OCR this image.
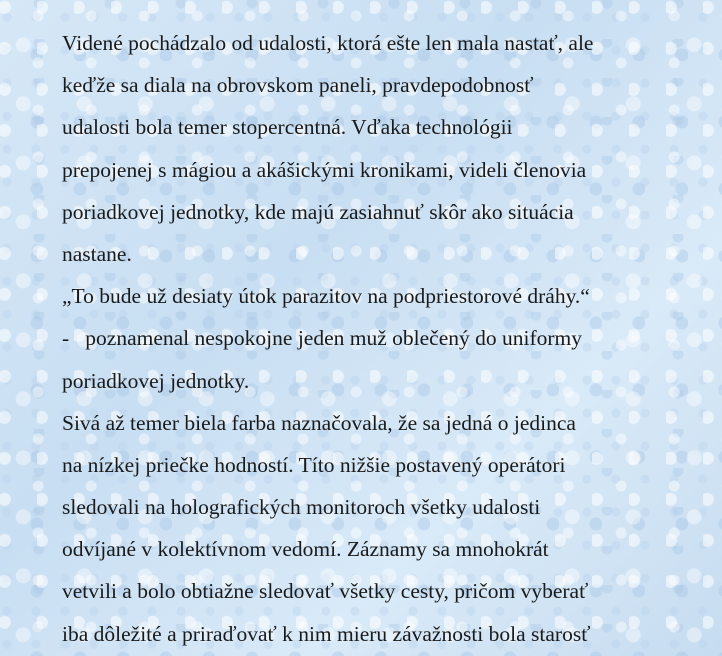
Videné pochádzalo od udalosti, ktorá ešte len mala nastať, ale
keďže sa diala na obrovskom paneli, pravdepodobnosť
udalosti bola temer stopercentná. Vďaka technológii
prepojenej s mágiou a akášickými kronikami, videli členovia
poriadkovej jednotky, kde majú zasiahnuť skôr ako situácia
nastane.
„To bude už desiaty útok parazitov na podpriestorové dráhy.“
-   poznamenal nespokojne jeden muž oblečený do uniformy
poriadkovej jednotky.
Sivá až temer biela farba naznačovala, že sa jedná o jedinca
na nízkej priečke hodností. Títo nižšie postavený operátori
sledovali na holografických monitoroch všetky udalosti
odvíjané v kolektívnom vedomí. Záznamy sa mnohokrát
vetvili a bolo obtiažne sledovať všetky cesty, pričom vyberať
iba dôležité a priraďovať k nim mieru závažnosti bola starosť
